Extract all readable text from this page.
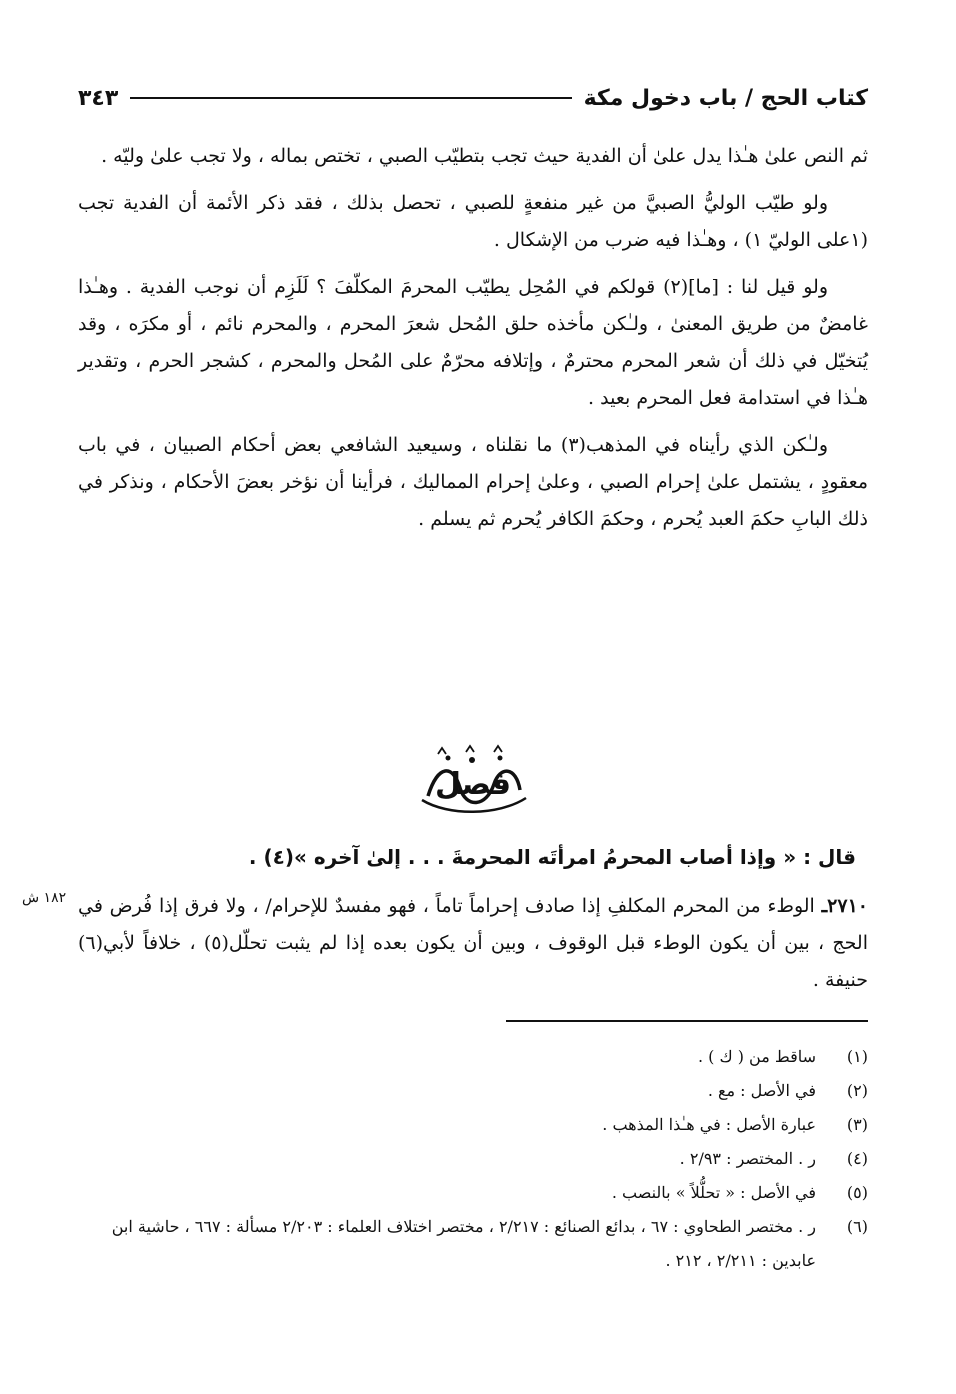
كتاب الحج / باب دخول مكة
٣٤٣

ثم النص علىٰ هـٰذا يدل علىٰ أن الفدية حيث تجب بتطيّب الصبي ، تختص بماله ، ولا تجب علىٰ وليّه .

ولو طيّب الوليُّ الصبيَّ من غير منفعةٍ للصبي ، تحصل بذلك ، فقد ذكر الأئمة أن الفدية تجب (١على الوليّ ١) ، وهـٰذا فيه ضرب من الإشكال .

ولو قيل لنا : [ما](٢) قولكم في المُحِل يطيّب المحرمَ المكلّفَ ؟ لَلَزِم أن نوجب الفدية . وهـٰذا غامضٌ من طريق المعنىٰ ، ولـٰكن مأخذه حلق المُحل شعرَ المحرم ، والمحرم نائم ، أو مكرَه ، وقد يُتخيّل في ذلك أن شعر المحرم محترمٌ ، وإتلافه محرّمٌ على المُحل والمحرم ، كشجر الحرم ، وتقدير هـٰذا في استدامة فعل المحرم بعيد .

ولـٰكن الذي رأيناه في المذهب(٣) ما نقلناه ، وسيعيد الشافعي بعض أحكام الصبيان ، في باب معقودٍ ، يشتمل علىٰ إحرام الصبي ، وعلىٰ إحرام المماليك ، فرأينا أن نؤخر بعضَ الأحكام ، ونذكر في ذلك البابِ حكمَ العبد يُحرم ، وحكمَ الكافر يُحرم ثم يسلم .

فصل
قال : « وإذا أصاب المحرمُ امرأتَه المحرمةَ . . . إلىٰ آخره »(٤) .
٢٧١٠ـ الوطء من المحرم المكلفِ إذا صادف إحراماً تاماً ، فهو مفسدٌ للإحرام/ ، ولا فرق إذا فُرض في الحج ، بين أن يكون الوطء قبل الوقوف ، وبين أن يكون بعده إذا لم يثبت تحلّل(٥) ، خلافاً لأبي(٦) حنيفة .
١٨٢ ش
(١)
ساقط من ( ك ) .
(٢)
في الأصل : مع .
(٣)
عبارة الأصل : في هـٰذا المذهب .
(٤)
ر . المختصر : ٢/٩٣ .
(٥)
في الأصل : « تحلُّلاً » بالنصب .
(٦)
ر . مختصر الطحاوي : ٦٧ ، بدائع الصنائع : ٢/٢١٧ ، مختصر اختلاف العلماء : ٢/٢٠٣ مسألة : ٦٦٧ ، حاشية ابن عابدين : ٢/٢١١ ، ٢١٢ .
